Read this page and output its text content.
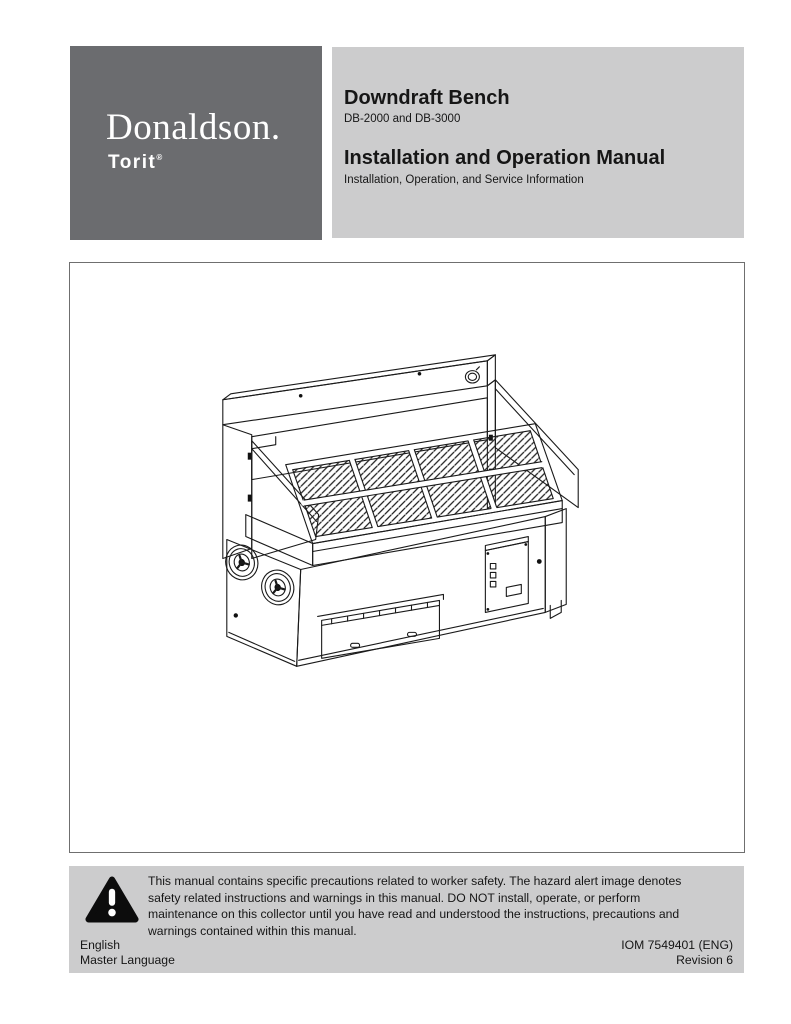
Donaldson.
Torit®
Downdraft Bench
DB-2000 and DB-3000
Installation and Operation Manual
Installation, Operation, and Service Information
This manual contains specific precautions related to worker safety. The hazard alert image denotes safety related instructions and warnings in this manual. DO NOT install, operate, or perform maintenance on this collector until you have read and understood the instructions, precautions and warnings contained within this manual.
English
Master Language
IOM 7549401 (ENG)
Revision 6
